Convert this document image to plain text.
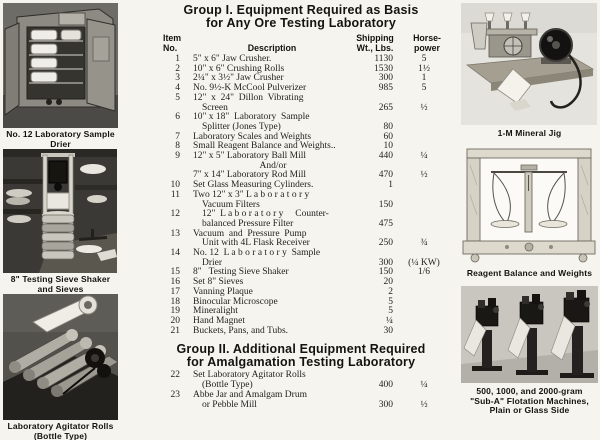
No. 12 Laboratory Sample
Drier
8" Testing Sieve Shaker
and Sieves
Laboratory Agitator Rolls
(Bottle Type)
Group I. Equipment Required as Basis
for Any Ore Testing Laboratory
Item
No.	Description
Shipping
Wt., Lbs.
Horse-
power
1 5" x 6" Jaw Crusher.	1130	5
2 10" x 6" Crushing Rolls	1530	1½
3 2¼" x 3½" Jaw Crusher	300	1
4 No. 9½-K McCool Pulverizer	985	5
5 12"  x  24"  Dillon  Vibrating
Screen	265	½
6 10" x 18"  Laboratory  Sample
Splitter (Jones Type)	80
7 Laboratory Scales and Weights	60
8 Small Reagent Balance and Weights..	10
9 12" x 5" Laboratory Ball Mill	440	¼
And/or
7" x 14" Laboratory Rod Mill	470	½
10 Set Glass Measuring Cylinders.	1
11 Two 12" x 3" L a b o r a t o r y
Vacuum Filters	150
12	12"  L a b o r a t o r y     Counter-
balanced Pressure Filter	475
13 Vacuum  and  Pressure  Pump
Unit with 4L Flask Receiver	250	¾
14 No. 12  L a b o r a t o r y  Sample
Drier	300	(¼ KW)
15 8"   Testing Sieve Shaker	150	1/6
16 Set 8" Sieves	20
17 Vanning Plaque	2
18 Binocular Microscope	5
19 Mineralight	5
20 Hand Magnet	¼
21 Buckets, Pans, and Tubs.	30
Group II. Additional Equipment Required
for Amalgamation Testing Laboratory
22 Set Laboratory Agitator Rolls
(Bottle Type)	400	¼
23 Abbe Jar and Amalgam Drum
or Pebble Mill	300	½
1-M Mineral Jig
Reagent Balance and Weights
500, 1000, and 2000-gram
"Sub-A" Flotation Machines,
Plain or Glass Side
